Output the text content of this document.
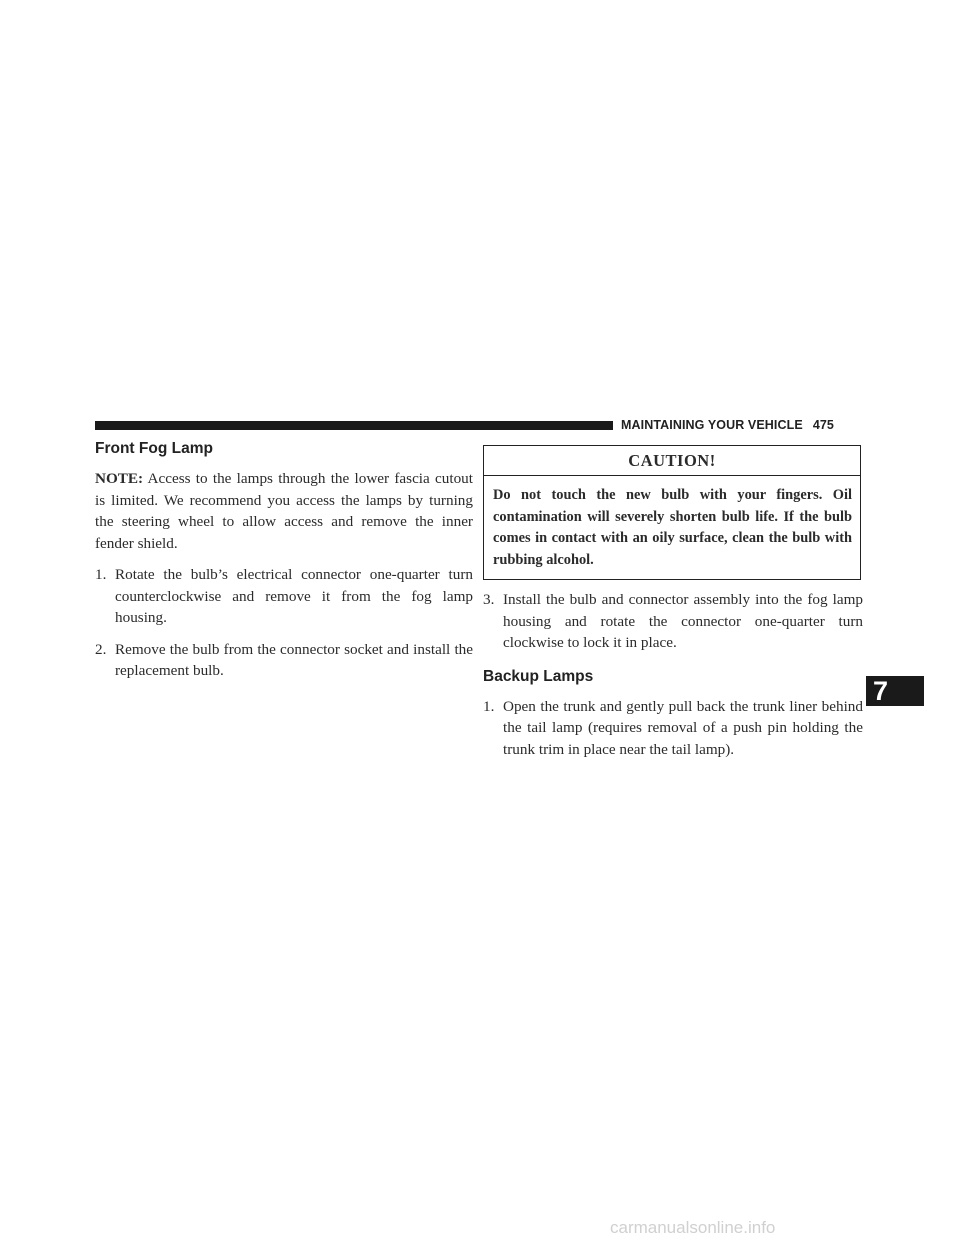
MAINTAINING YOUR VEHICLE 475
Front Fog Lamp

NOTE: Access to the lamps through the lower fascia cutout is limited. We recommend you access the lamps by turning the steering wheel to allow access and remove the inner fender shield.

1. Rotate the bulb’s electrical connector one-quarter turn counterclockwise and remove it from the fog lamp housing.
2. Remove the bulb from the connector socket and install the replacement bulb.
CAUTION!
Do not touch the new bulb with your fingers. Oil contamination will severely shorten bulb life. If the bulb comes in contact with an oily surface, clean the bulb with rubbing alcohol.
3. Install the bulb and connector assembly into the fog lamp housing and rotate the connector one-quarter turn clockwise to lock it in place.
Backup Lamps
1. Open the trunk and gently pull back the trunk liner behind the tail lamp (requires removal of a push pin holding the trunk trim in place near the tail lamp).
7
carmanualsonline.info
